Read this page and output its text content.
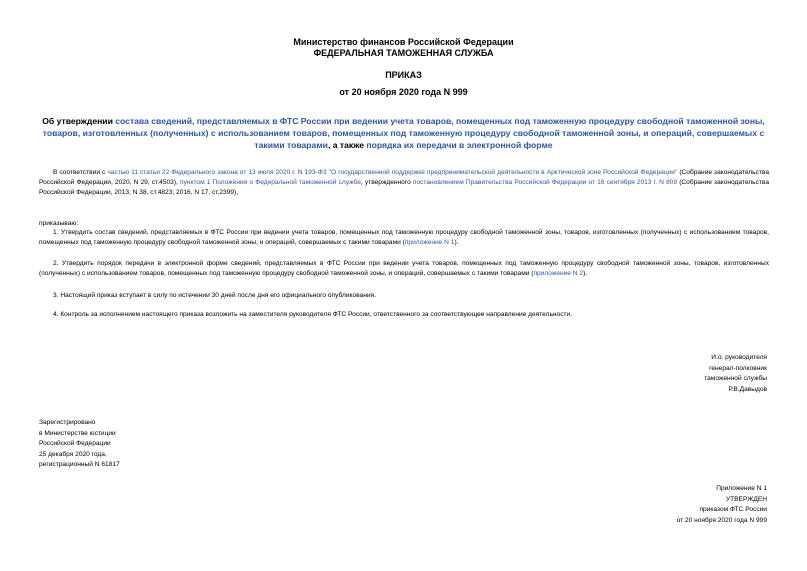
Министерство финансов Российской Федерации
ФЕДЕРАЛЬНАЯ ТАМОЖЕННАЯ СЛУЖБА
ПРИКАЗ
от 20 ноября 2020 года N 999
Об утверждении состава сведений, представляемых в ФТС России при ведении учета товаров, помещенных под таможенную процедуру свободной таможенной зоны, товаров, изготовленных (полученных) с использованием товаров, помещенных под таможенную процедуру свободной таможенной зоны, и операций, совершаемых с такими товарами, а также порядка их передачи в электронной форме

В соответствии с частью 11 статьи 22 Федерального закона от 13 июля 2020 г. N 193-ФЗ "О государственной поддержке предпринимательской деятельности в Арктической зоне Российской Федерации" (Собрание законодательства Российской Федерации, 2020, N 29, ст.4503), пунктом 1 Положения о Федеральной таможенной службе, утвержденного постановлением Правительства Российской Федерации от 16 сентября 2013 г. N 809 (Собрание законодательства Российской Федерации, 2013, N 38, ст.4823; 2016, N 17, ст.2399),

приказываю:

1. Утвердить состав сведений, представляемых в ФТС России при ведении учета товаров, помещенных под таможенную процедуру свободной таможенной зоны, товаров, изготовленных (полученных) с использованием товаров, помещенных под таможенную процедуру свободной таможенной зоны, и операций, совершаемых с такими товарами (приложение N 1).

2. Утвердить порядок передачи в электронной форме сведений, представляемых в ФТС России при ведении учета товаров, помещенных под таможенную процедуру свободной таможенной зоны, товаров, изготовленных (полученных) с использованием товаров, помещенных под таможенную процедуру свободной таможенной зоны, и операций, совершаемых с такими товарами (приложение N 2).

3. Настоящий приказ вступает в силу по истечении 30 дней после дня его официального опубликования.

4. Контроль за исполнением настоящего приказа возложить на заместителя руководителя ФТС России, ответственного за соответствующее направление деятельности.

И.о. руководителя
генерал-полковник
таможенной службы
Р.В.Давыдов
Зарегистрировано
в Министерстве юстиции
Российской Федерации
25 декабря 2020 года,
регистрационный N 61817
Приложение N 1
УТВЕРЖДЕН
приказом ФТС России
от 20 ноября 2020 года N 999
